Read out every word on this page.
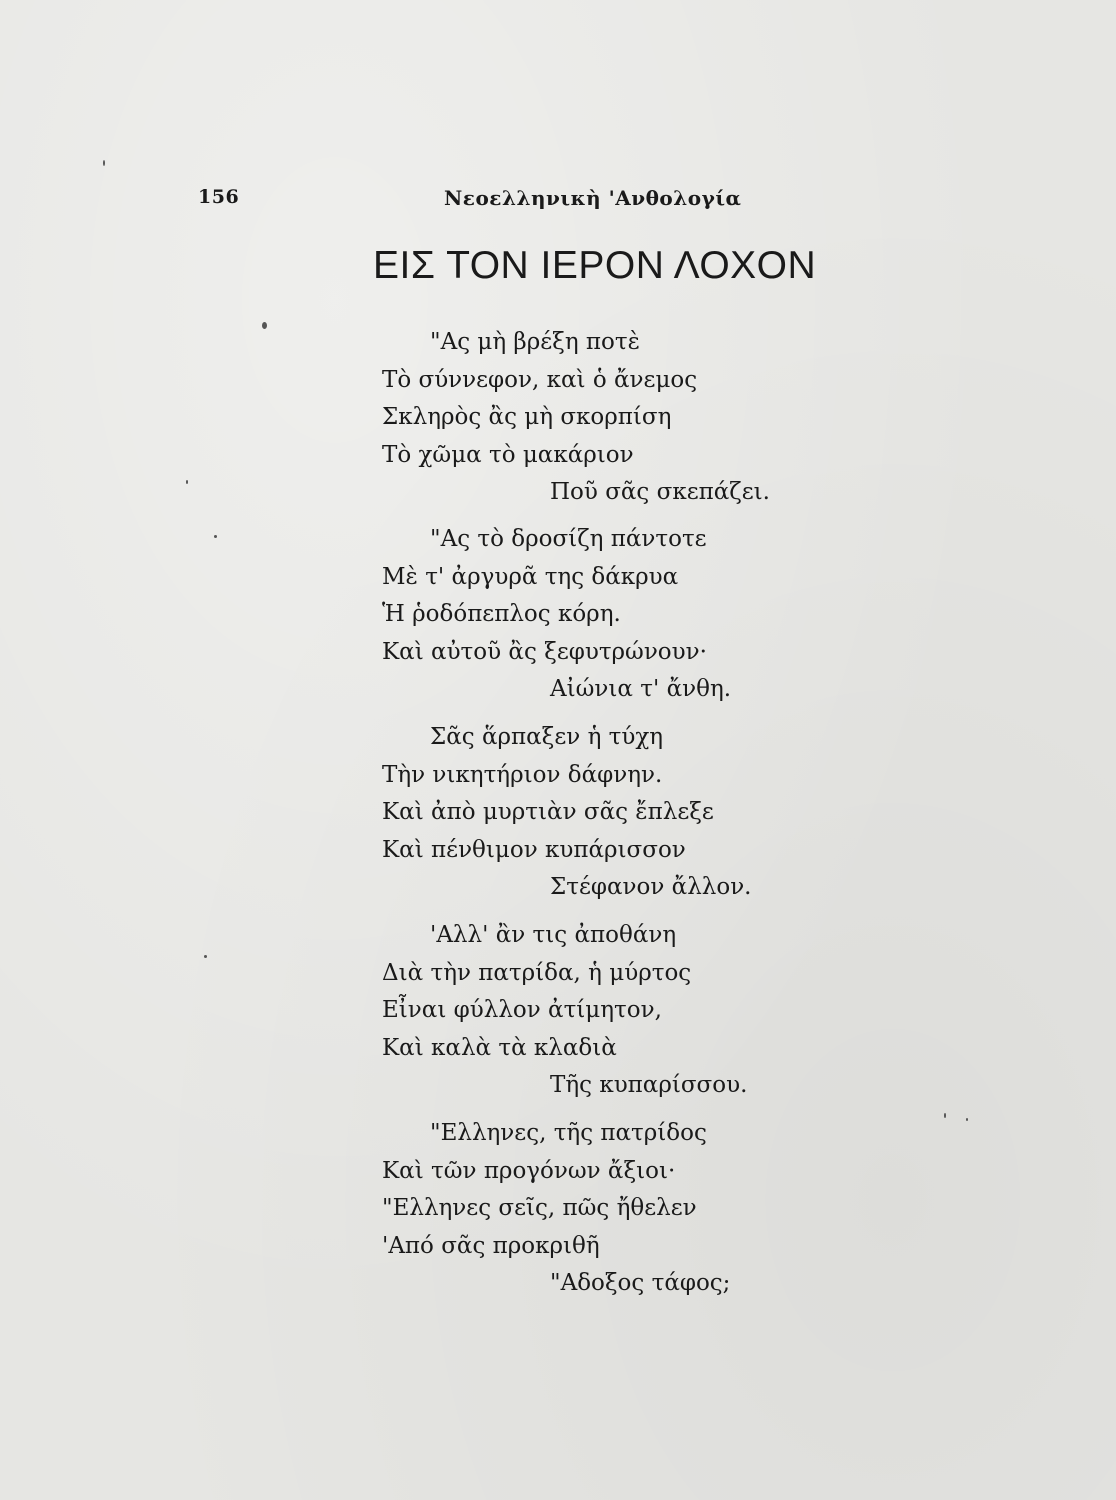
156	Νεοελληνικὴ 'Ανθολογία
ΕΙΣ ΤΟΝ ΙΕΡΟΝ ΛΟΧΟΝ
"Ας μὴ βρέξη ποτὲ
Τὸ σύννεφον, καὶ ὁ ἄνεμος
Σκληρὸς ἂς μὴ σκορπίση
Τὸ χῶμα τὸ μακάριον
Ποῦ σᾶς σκεπάζει.
"Ας τὸ δροσίζη πάντοτε
Μὲ τ' ἀργυρᾶ της δάκρυα
Ἡ ῥοδόπεπλος κόρη.
Καὶ αὐτοῦ ἂς ξεφυτρώνουν·
Αἰώνια τ' ἄνθη.
Σᾶς ἅρπαξεν ἡ τύχη
Τὴν νικητήριον δάφνην.
Καὶ ἀπὸ μυρτιὰν σᾶς ἔπλεξε
Καὶ πένθιμον κυπάρισσον
Στέφανον ἄλλον.
'Αλλ' ἂν τις ἀποθάνη
Διὰ τὴν πατρίδα, ἡ μύρτος
Εἶναι φύλλον ἀτίμητον,
Καὶ καλὰ τὰ κλαδιὰ
Τῆς κυπαρίσσου.
"Ελληνες, τῆς πατρίδος
Καὶ τῶν προγόνων ἄξιοι·
"Ελληνες σεῖς, πῶς ἤθελεν
'Από σᾶς προκριθῆ
"Αδοξος τάφος;
